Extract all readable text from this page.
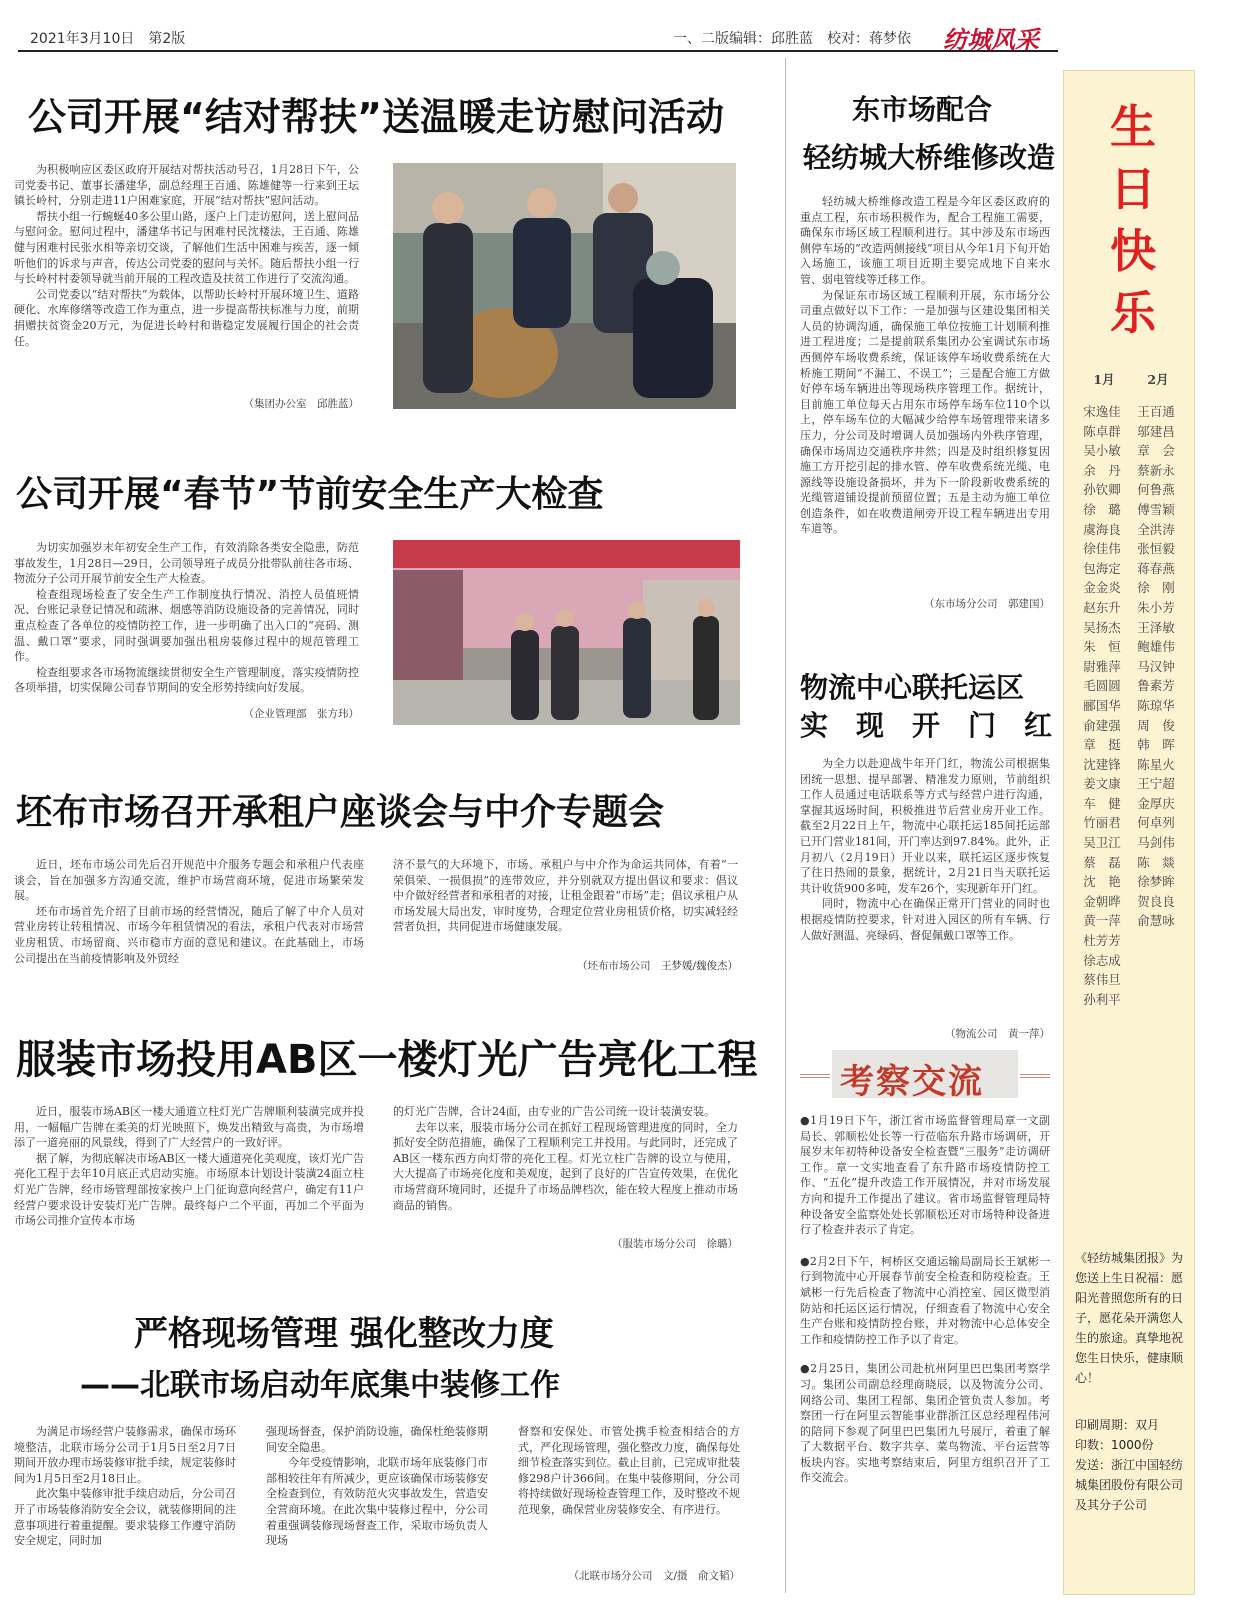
2021年3月10日　第2版	一、二版编辑：邱胜蓝　校对：蒋梦依 纺城风采
公司开展“结对帮扶”送温暖走访慰问活动

为积极响应区委区政府开展结对帮扶活动号召，1月28日下午，公司党委书记、董事长潘建华，副总经理王百通、陈雄健等一行来到王坛镇长岭村，分别走进11户困难家庭，开展“结对帮扶”慰问活动。

帮扶小组一行蜿蜒40多公里山路，逐户上门走访慰问，送上慰问品与慰问金。慰问过程中，潘建华书记与困难村民沈楼法，王百通、陈雄健与困难村民张水相等亲切交谈，了解他们生活中困难与疾苦，逐一倾听他们的诉求与声音，传达公司党委的慰问与关怀。随后帮扶小组一行与长岭村村委领导就当前开展的工程改造及扶贫工作进行了交流沟通。

公司党委以“结对帮扶”为载体，以帮助长岭村开展环境卫生、道路硬化、水库修缮等改造工作为重点，进一步提高帮扶标准与力度，前期捐赠扶贫资金20万元，为促进长岭村和谐稳定发展履行国企的社会责任。

（集团办公室　邱胜蓝）
公司开展“春节”节前安全生产大检查

为切实加强岁末年初安全生产工作，有效消除各类安全隐患，防范事故发生，1月28日—29日，公司领导班子成员分批带队前往各市场、物流分子公司开展节前安全生产大检查。

检查组现场检查了安全生产工作制度执行情况、消控人员值班情况、台账记录登记情况和疏淋、烟感等消防设施设备的完善情况，同时重点检查了各单位的疫情防控工作，进一步明确了出入口的“亮码、测温、戴口罩”要求，同时强调要加强出租房装修过程中的规范管理工作。

检查组要求各市场物流继续贯彻安全生产管理制度，落实疫情防控各项举措，切实保障公司春节期间的安全形势持续向好发展。

（企业管理部　张方玮）
坯布市场召开承租户座谈会与中介专题会

近日，坯布市场公司先后召开规范中介服务专题会和承租户代表座谈会，旨在加强多方沟通交流，维护市场营商环境，促进市场繁荣发展。

坯布市场首先介绍了目前市场的经营情况，随后了解了中介人员对营业房转让转租情况、市场今年租赁情况的看法，承租户代表对市场营业房租赁、市场留商、兴市稳市方面的意见和建议。在此基础上，市场公司提出在当前疫情影响及外贸经

济不景气的大环境下，市场、承租户与中介作为命运共同体，有着“一荣俱荣、一损俱损”的连带效应，并分别就双方提出倡议和要求：倡议中介做好经营者和承租者的对接，让租金跟着“市场”走；倡议承租户从市场发展大局出发，审时度势，合理定位营业房租赁价格，切实减轻经营者负担，共同促进市场健康发展。

（坯布市场公司　王梦媛/魏俊杰）
服装市场投用AB区一楼灯光广告亮化工程

近日，服装市场AB区一楼大通道立柱灯光广告牌顺利装潢完成并投用，一幅幅广告牌在柔美的灯光映照下，焕发出精致与高贵，为市场增添了一道亮丽的风景线，得到了广大经营户的一致好评。

据了解，为彻底解决市场AB区一楼大通道亮化美观度，该灯光广告亮化工程于去年10月底正式启动实施。市场原本计划设计装潢24面立柱灯光广告牌，经市场管理部按家挨户上门征询意向经营户，确定有11户经营户要求设计安装灯光广告牌。最终每户二个平面，再加二个平面为市场公司推介宣传本市场

的灯光广告牌，合计24面，由专业的广告公司统一设计装潢安装。

去年以来，服装市场分公司在抓好工程现场管理进度的同时，全力抓好安全防范措施，确保了工程顺利完工并投用。与此同时，还完成了AB区一楼东西方向灯带的亮化工程。灯光立柱广告牌的设立与使用，大大提高了市场亮化度和美观度，起到了良好的广告宣传效果，在优化市场营商环境同时，还提升了市场品牌档次，能在较大程度上推动市场商品的销售。

（服装市场分公司　徐璐）
严格现场管理 强化整改力度
——北联市场启动年底集中装修工作

为满足市场经营户装修需求，确保市场环境整洁，北联市场分公司于1月5日至2月7日期间开放办理市场装修审批手续，规定装修时间为1月5日至2月18日止。

此次集中装修审批手续启动后，分公司召开了市场装修消防安全会议，就装修期间的注意事项进行着重提醒。要求装修工作遵守消防安全规定，同时加

强现场督查，保护消防设施，确保杜绝装修期间安全隐患。

今年受疫情影响，北联市场年底装修门市部相较往年有所减少，更应该确保市场装修安全检查到位，有效防范火灾事故发生，营造安全营商环境。在此次集中装修过程中，分公司着重强调装修现场督查工作，采取市场负责人现场

督察和安保处、市管处携手检查相结合的方式，严化现场管理，强化整改力度，确保每处细节检查落实到位。截止目前，已完成审批装修298户计366间。在集中装修期间，分公司将持续做好现场检查管理工作，及时整改不规范现象，确保营业房装修安全、有序进行。

（北联市场分公司　文/摄　俞文韬）
东市场配合
轻纺城大桥维修改造

轻纺城大桥维修改造工程是今年区委区政府的重点工程，东市场积极作为，配合工程施工需要，确保东市场区域工程顺利进行。其中涉及东市场西侧停车场的“改造两侧接线”项目从今年1月下旬开始入场施工，该施工项目近期主要完成地下自来水管、弱电管线等迁移工作。

为保证东市场区域工程顺利开展，东市场分公司重点做好以下工作：一是加强与区建设集团相关人员的协调沟通，确保施工单位按施工计划顺利推进工程进度；二是提前联系集团办公室调试东市场西侧停车场收费系统，保证该停车场收费系统在大桥施工期间“不漏工、不误工”；三是配合施工方做好停车场车辆进出等现场秩序管理工作。据统计，目前施工单位每天占用东市场停车场车位110个以上，停车场车位的大幅减少给停车场管理带来诸多压力，分公司及时增调人员加强场内外秩序管理，确保市场周边交通秩序井然；四是及时组织修复因施工方开挖引起的排水管、停车收费系统光缆、电源线等设施设备损坏，并为下一阶段新收费系统的光缆管道铺设提前预留位置；五是主动为施工单位创造条件，如在收费道闸旁开设工程车辆进出专用车道等。

（东市场分公司　郭建国）
物流中心联托运区
实　现　开　门　红

为全力以赴迎战牛年开门红，物流公司根据集团统一思想、提早部署、精准发力原则，节前组织工作人员通过电话联系等方式与经营户进行沟通，掌握其返场时间，积极推进节后营业房开业工作。截至2月22日上午，物流中心联托运185间托运部已开门营业181间，开门率达到97.84%。此外，正月初八（2月19日）开业以来，联托运区逐步恢复了往日热闹的景象，据统计，2月21日当天联托运共计收货900多吨，发车26个，实现新年开门红。

同时，物流中心在确保正常开门营业的同时也根据疫情防控要求，针对进入园区的所有车辆、行人做好测温、亮绿码、督促佩戴口罩等工作。

（物流公司　黄一萍）
考察交流

●1月19日下午，浙江省市场监督管理局章一文副局长、郭顺松处长等一行莅临东升路市场调研，开展岁末年初特种设备安全检查暨“三服务”走访调研工作。章一文实地查看了东升路市场疫情防控工作、“五化”提升改造工作开展情况，并对市场发展方向和提升工作提出了建议。省市场监督管理局特种设备安全监察处处长郭顺松还对市场特种设备进行了检查并表示了肯定。

●2月2日下午，柯桥区交通运输局副局长王斌彬一行到物流中心开展春节前安全检查和防疫检查。王斌彬一行先后检查了物流中心消控室、园区微型消防站和托运区运行情况，仔细查看了物流中心安全生产台账和疫情防控台账，并对物流中心总体安全工作和疫情防控工作予以了肯定。

●2月25日，集团公司赴杭州阿里巴巴集团考察学习。集团公司副总经理商晓辰，以及物流分公司、网络公司、集团工程部、集团企管负责人参加。考察团一行在阿里云智能事业群浙江区总经理程伟河的陪同下参观了阿里巴巴集团九号展厅，着重了解了大数据平台、数字共享、菜鸟物流、平台运营等板块内容。实地考察结束后，阿里方组织召开了工作交流会。

生
日
快
乐
1月	2月
宋逸佳
陈卓群
吴小敏
余　丹
孙钦卿
徐　璐
虞海良
徐佳伟
包海定
金金炎
赵东升
吴扬杰
朱　恒
尉雅萍
毛圆圆
郦国华
俞建强
章　挺
沈建锋
姜文康
车　健
竹丽君
吴卫江
蔡　磊
沈　艳
金朝晔
黄一萍
杜芳芳
徐志成
蔡伟旦
孙利平
王百通
邬建昌
章　会
蔡新永
何鲁燕
傅雪颖
全洪涛
张恒毅
蒋春燕
徐　刚
朱小芳
王泽敏
鲍雄伟
马汉钟
鲁素芳
陈琼华
周　俊
韩　晖
陈星火
王宁超
金厚庆
何卓列
马剑伟
陈　燚
徐梦眸
贺良良
俞慧咏

《轻纺城集团报》为您送上生日祝福：愿阳光普照您所有的日子，愿花朵开满您人生的旅途。真挚地祝您生日快乐，健康顺心！

印刷周期：双月
印数：1000份
发送：浙江中国轻纺城集团股份有限公司及其分子公司
